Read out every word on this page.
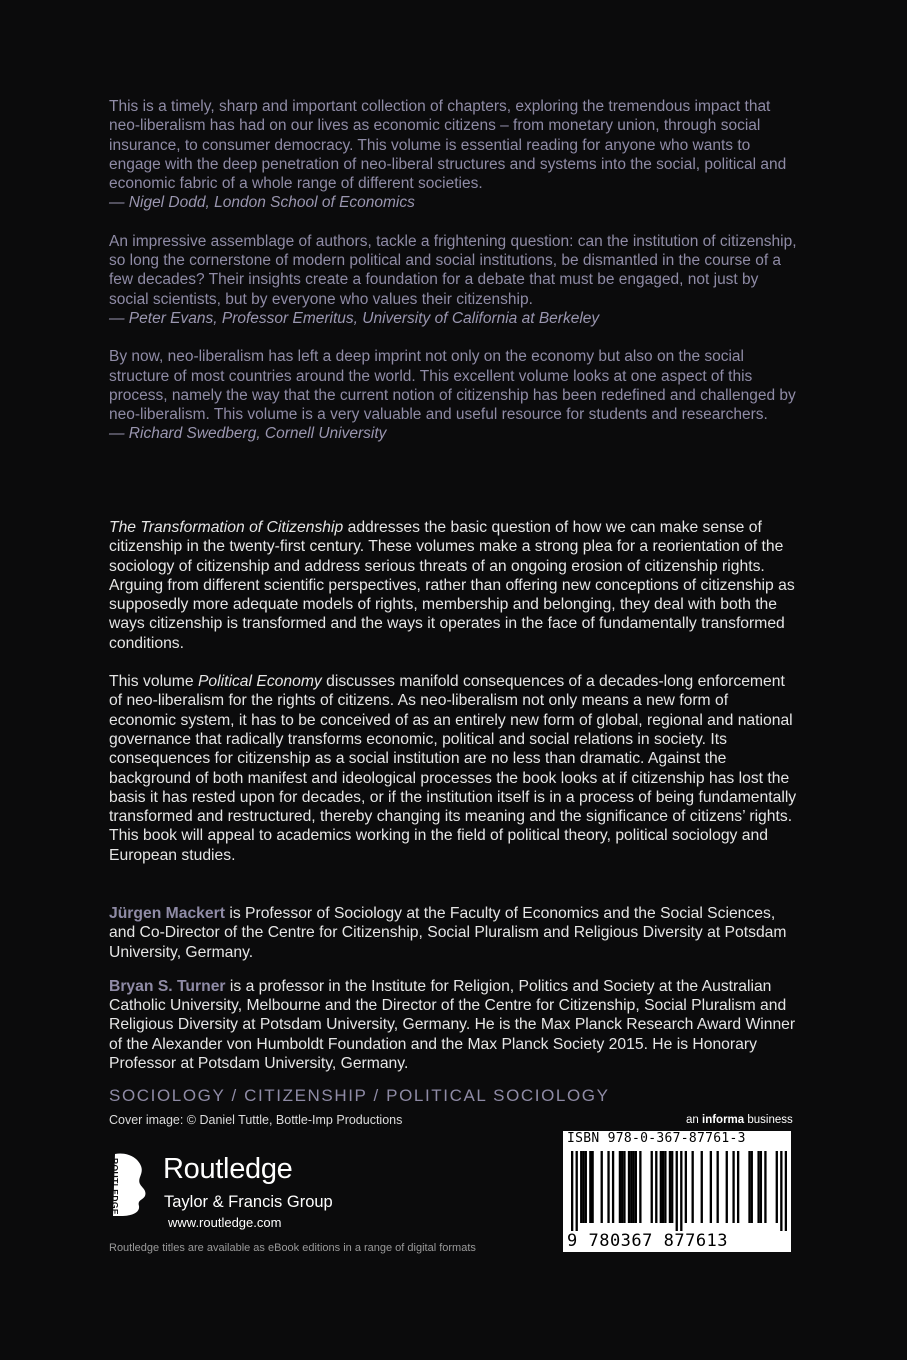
This is a timely, sharp and important collection of chapters, exploring the tremendous impact that neo-liberalism has had on our lives as economic citizens – from monetary union, through social insurance, to consumer democracy. This volume is essential reading for anyone who wants to engage with the deep penetration of neo-liberal structures and systems into the social, political and economic fabric of a whole range of different societies.
— Nigel Dodd, London School of Economics
An impressive assemblage of authors, tackle a frightening question: can the institution of citizenship, so long the cornerstone of modern political and social institutions, be dismantled in the course of a few decades? Their insights create a foundation for a debate that must be engaged, not just by social scientists, but by everyone who values their citizenship.
— Peter Evans, Professor Emeritus, University of California at Berkeley
By now, neo-liberalism has left a deep imprint not only on the economy but also on the social structure of most countries around the world. This excellent volume looks at one aspect of this process, namely the way that the current notion of citizenship has been redefined and challenged by neo-liberalism. This volume is a very valuable and useful resource for students and researchers.
— Richard Swedberg, Cornell University

The Transformation of Citizenship addresses the basic question of how we can make sense of citizenship in the twenty-first century. These volumes make a strong plea for a reorientation of the sociology of citizenship and address serious threats of an ongoing erosion of citizenship rights. Arguing from different scientific perspectives, rather than offering new conceptions of citizenship as supposedly more adequate models of rights, membership and belonging, they deal with both the ways citizenship is transformed and the ways it operates in the face of fundamentally transformed conditions.

This volume Political Economy discusses manifold consequences of a decades-long enforcement of neo-liberalism for the rights of citizens. As neo-liberalism not only means a new form of economic system, it has to be conceived of as an entirely new form of global, regional and national governance that radically transforms economic, political and social relations in society. Its consequences for citizenship as a social institution are no less than dramatic. Against the background of both manifest and ideological processes the book looks at if citizenship has lost the basis it has rested upon for decades, or if the institution itself is in a process of being fundamentally transformed and restructured, thereby changing its meaning and the significance of citizens’ rights. This book will appeal to academics working in the field of political theory, political sociology and European studies.

Jürgen Mackert is Professor of Sociology at the Faculty of Economics and the Social Sciences, and Co-Director of the Centre for Citizenship, Social Pluralism and Religious Diversity at Potsdam University, Germany.

Bryan S. Turner is a professor in the Institute for Religion, Politics and Society at the Australian Catholic University, Melbourne and the Director of the Centre for Citizenship, Social Pluralism and Religious Diversity at Potsdam University, Germany. He is the Max Planck Research Award Winner of the Alexander von Humboldt Foundation and the Max Planck Society 2015. He is Honorary Professor at Potsdam University, Germany.

SOCIOLOGY / CITIZENSHIP / POLITICAL SOCIOLOGY
Cover image: © Daniel Tuttle, Bottle-Imp Productions
ROUTLEDGE Routledge
Taylor & Francis Group
www.routledge.com
Routledge titles are available as eBook editions in a range of digital formats
an informa business
ISBN 978-0-367-87761-3
9 780367 877613
